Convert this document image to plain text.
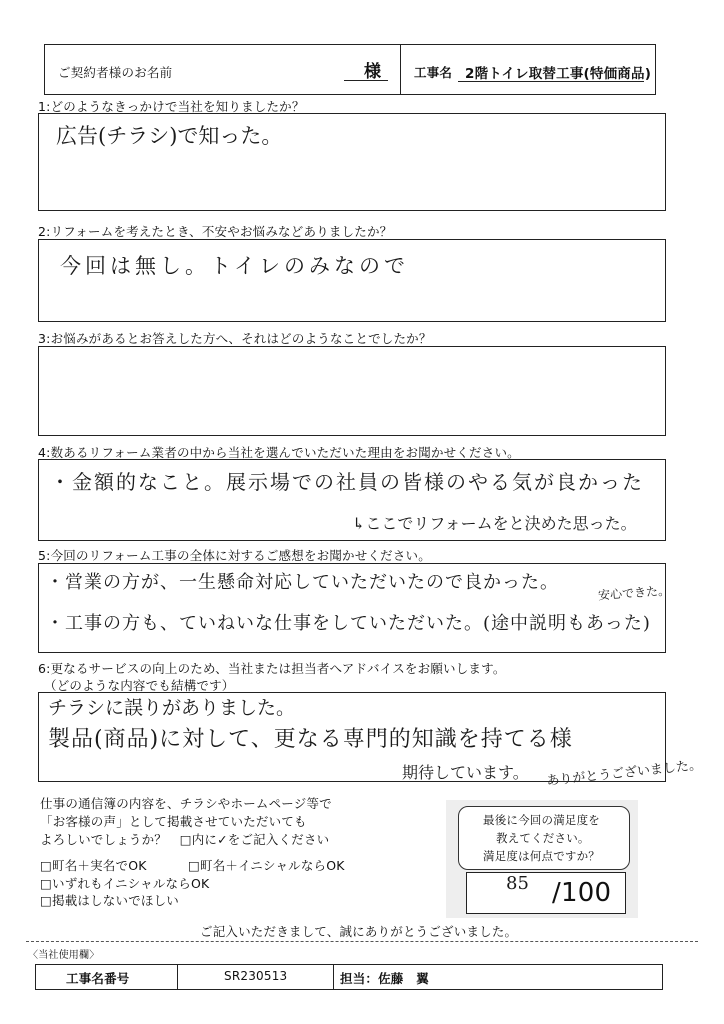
ご契約者様のお名前	様	工事名 2階トイレ取替工事(特価商品)
1:どのようなきっかけで当社を知りましたか？
広告(チラシ)で知った。
2:リフォームを考えたとき、不安やお悩みなどありましたか？
今回は無し。トイレのみなので
3:お悩みがあるとお答えした方へ、それはどのようなことでしたか？
4:数あるリフォーム業者の中から当社を選んでいただいた理由をお聞かせください。
・金額的なこと。展示場での社員の皆様のやる気が良かった
↳ここでリフォームをと決めた思った。
5:今回のリフォーム工事の全体に対するご感想をお聞かせください。
・営業の方が、一生懸命対応していただいたので良かった。	安心できた。
・工事の方も、ていねいな仕事をしていただいた。(途中説明もあった)
6:更なるサービスの向上のため、当社または担当者へアドバイスをお願いします。
（どのような内容でも結構です）
チラシに誤りがありました。
製品(商品)に対して、更なる専門的知識を持てる様
期待しています。 ありがとうございました。
仕事の通信簿の内容を、チラシやホームページ等で
「お客様の声」として掲載させていただいても
よろしいでしょうか？　□内に✓をご記入ください
□町名＋実名でOK	□町名＋イニシャルならOK
□いずれもイニシャルならOK
□掲載はしないでほしい
最後に今回の満足度を
教えてください。
満足度は何点ですか？
85 /100
ご記入いただきまして、誠にありがとうございました。
〈当社使用欄〉
工事名番号	SR230513	担当：佐藤　翼
